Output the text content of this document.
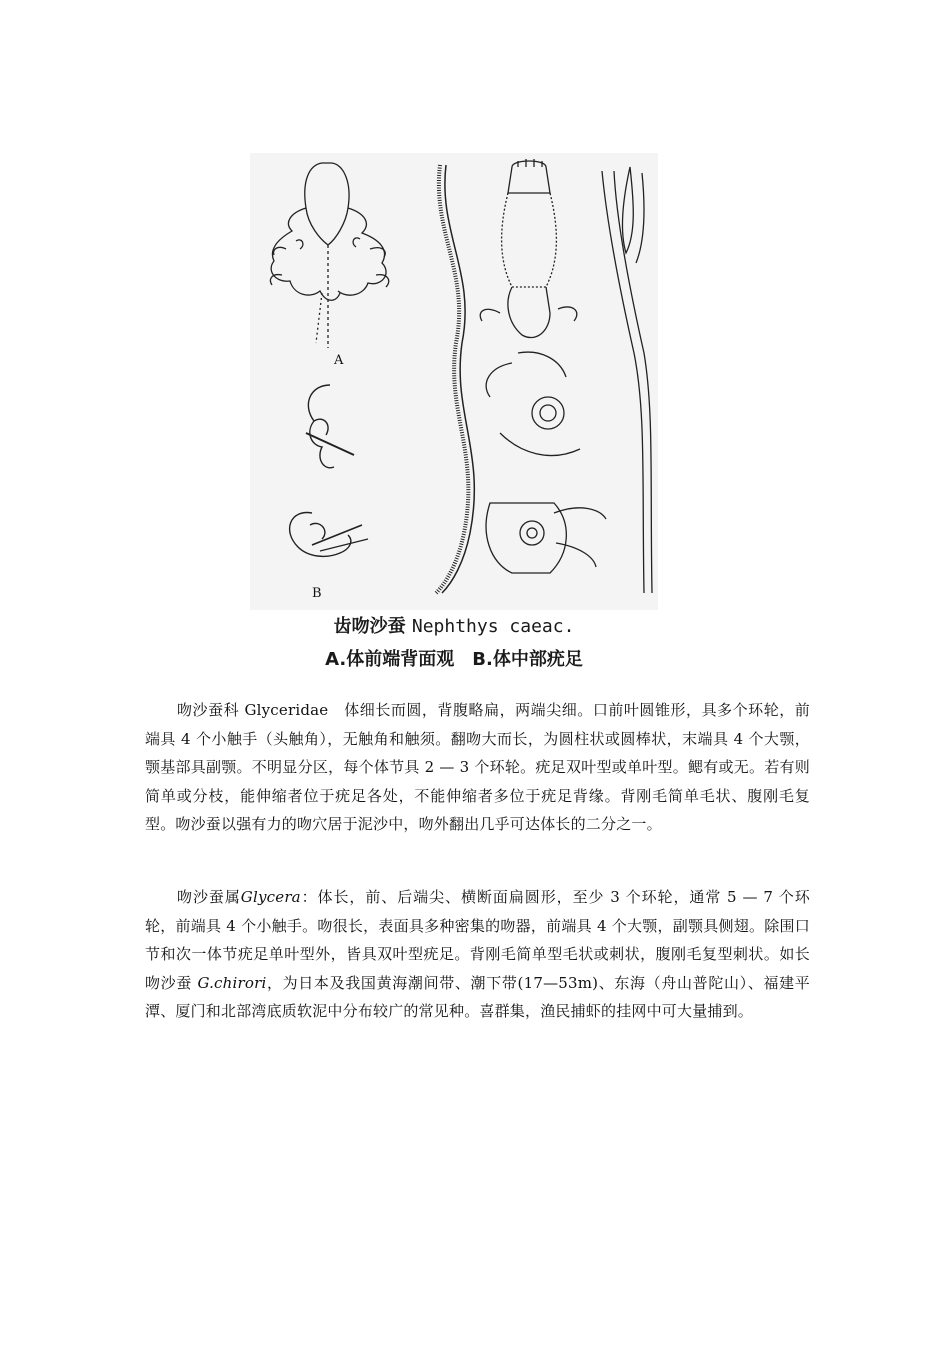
A
B
齿吻沙蚕 Nephthys caeac.
A.体前端背面观　B.体中部疣足

吻沙蚕科 Glyceridae　体细长而圆，背腹略扁，两端尖细。口前叶圆锥形，具多个环轮，前端具 4 个小触手（头触角），无触角和触须。翻吻大而长，为圆柱状或圆棒状，末端具 4 个大颚，颚基部具副颚。不明显分区，每个体节具 2 — 3 个环轮。疣足双叶型或单叶型。鳃有或无。若有则简单或分枝，能伸缩者位于疣足各处，不能伸缩者多位于疣足背缘。背刚毛简单毛状、腹刚毛复型。吻沙蚕以强有力的吻穴居于泥沙中，吻外翻出几乎可达体长的二分之一。

吻沙蚕属Glycera：体长，前、后端尖、横断面扁圆形，至少 3 个环轮，通常 5 — 7 个环轮，前端具 4 个小触手。吻很长，表面具多种密集的吻器，前端具 4 个大颚，副颚具侧翅。除围口节和次一体节疣足单叶型外，皆具双叶型疣足。背刚毛简单型毛状或刺状，腹刚毛复型刺状。如长吻沙蚕 G.chirori，为日本及我国黄海潮间带、潮下带(17—53m)、东海（舟山普陀山）、福建平潭、厦门和北部湾底质软泥中分布较广的常见种。喜群集，渔民捕虾的挂网中可大量捕到。
